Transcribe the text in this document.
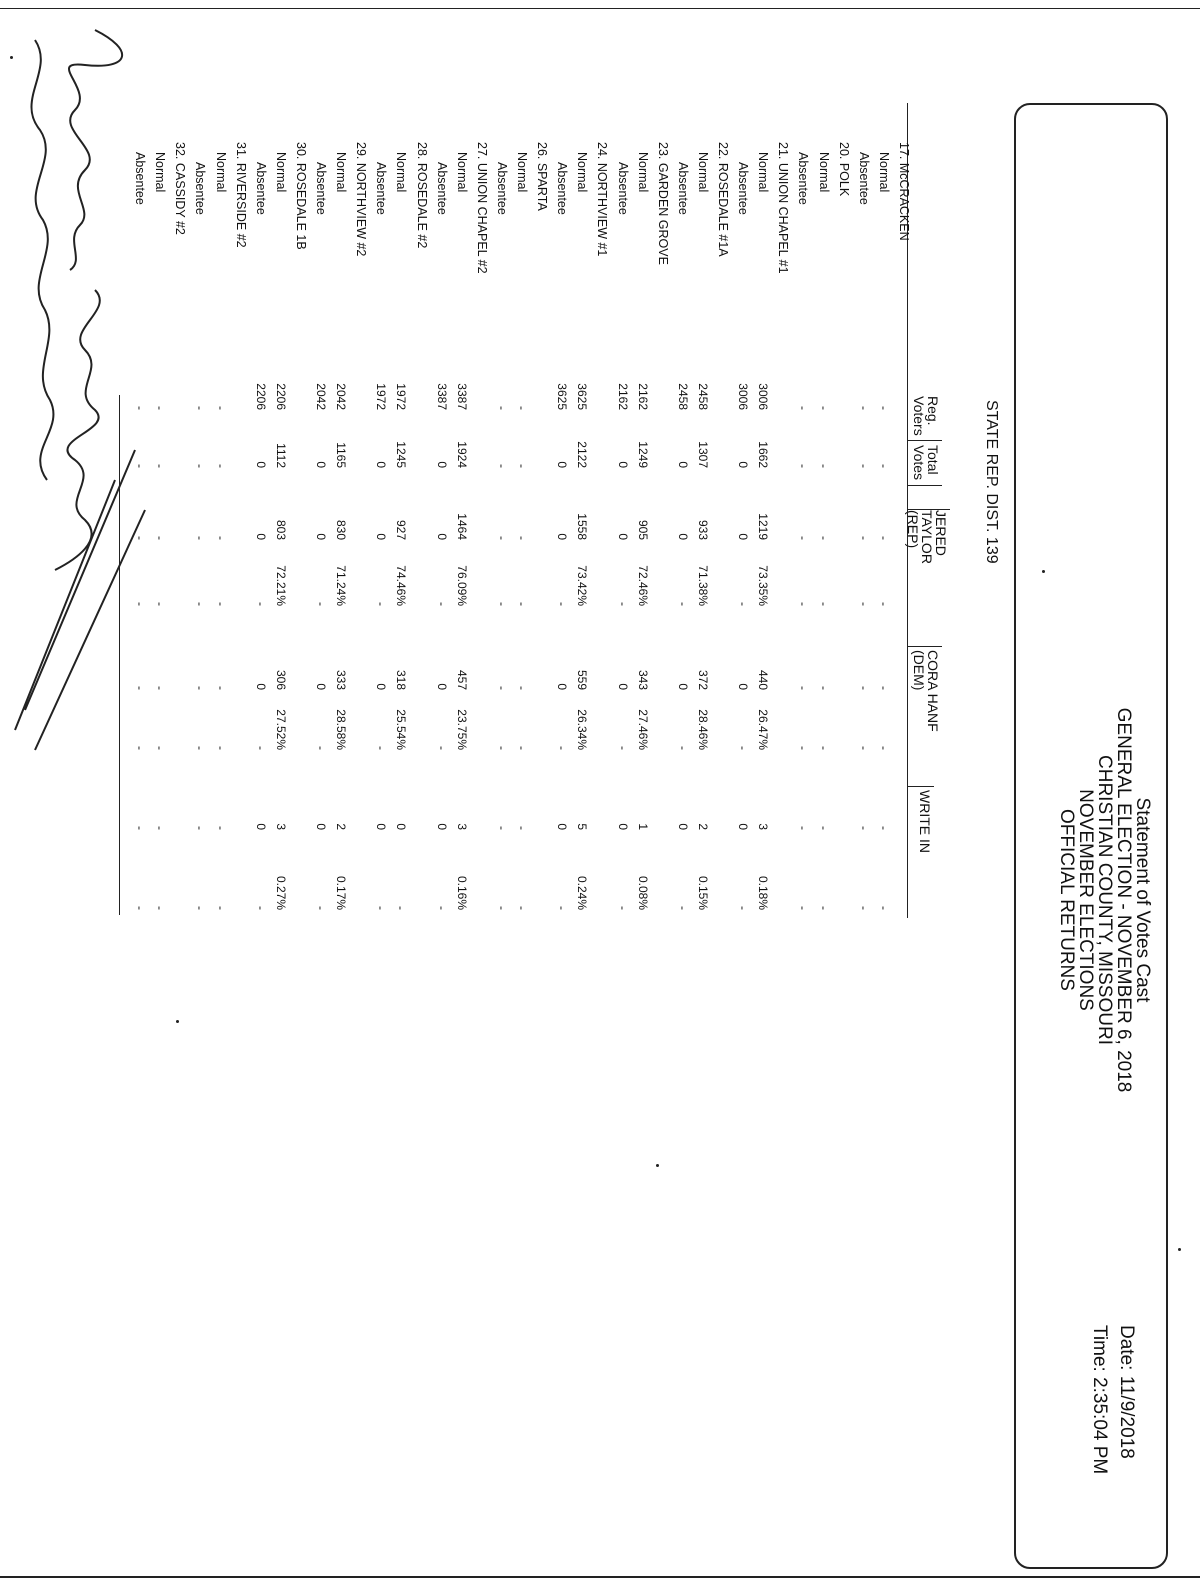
Statement of Votes Cast
GENERAL ELECTION - NOVEMBER 6, 2018
CHRISTIAN COUNTY, MISSOURI
NOVEMBER ELECTIONS
OFFICIAL RETURNS
Date: 11/9/2018
Time: 2:35:04 PM
STATE REP. DIST. 139
Reg.
Voters
Total
Votes
JERED
TAYLOR
(REP)
CORA HANF
(DEM)
WRITE IN
17. McCRACKEN
Normal
-
-
-
-
-
-
-
-
Absentee
-
-
-
-
-
-
-
-
20. POLK
Normal
-
-
-
-
-
-
-
-
Absentee
-
-
-
-
-
-
-
-
21. UNION CHAPEL #1
Normal
3006
1662
1219
73.35%
440
26.47%
3
0.18%
Absentee
3006
0
0
-
0
-
0
-
22. ROSEDALE #1A
Normal
2458
1307
933
71.38%
372
28.46%
2
0.15%
Absentee
2458
0
0
-
0
-
0
-
23. GARDEN GROVE
Normal
2162
1249
905
72.46%
343
27.46%
1
0.08%
Absentee
2162
0
0
-
0
-
0
-
24. NORTHVIEW #1
Normal
3625
2122
1558
73.42%
559
26.34%
5
0.24%
Absentee
3625
0
0
-
0
-
0
-
26. SPARTA
Normal
-
-
-
-
-
-
-
-
Absentee
-
-
-
-
-
-
-
-
27. UNION CHAPEL #2
Normal
3387
1924
1464
76.09%
457
23.75%
3
0.16%
Absentee
3387
0
0
-
0
-
0
-
28. ROSEDALE #2
Normal
1972
1245
927
74.46%
318
25.54%
0
-
Absentee
1972
0
0
-
0
-
0
-
29. NORTHVIEW #2
Normal
2042
1165
830
71.24%
333
28.58%
2
0.17%
Absentee
2042
0
0
-
0
-
0
-
30. ROSEDALE 1B
Normal
2206
1112
803
72.21%
306
27.52%
3
0.27%
Absentee
2206
0
0
-
0
-
0
-
31. RIVERSIDE #2
Normal
-
-
-
-
-
-
-
-
Absentee
-
-
-
-
-
-
-
-
32. CASSIDY #2
Normal
-
-
-
-
-
-
-
-
Absentee
-
-
-
-
-
-
-
-
